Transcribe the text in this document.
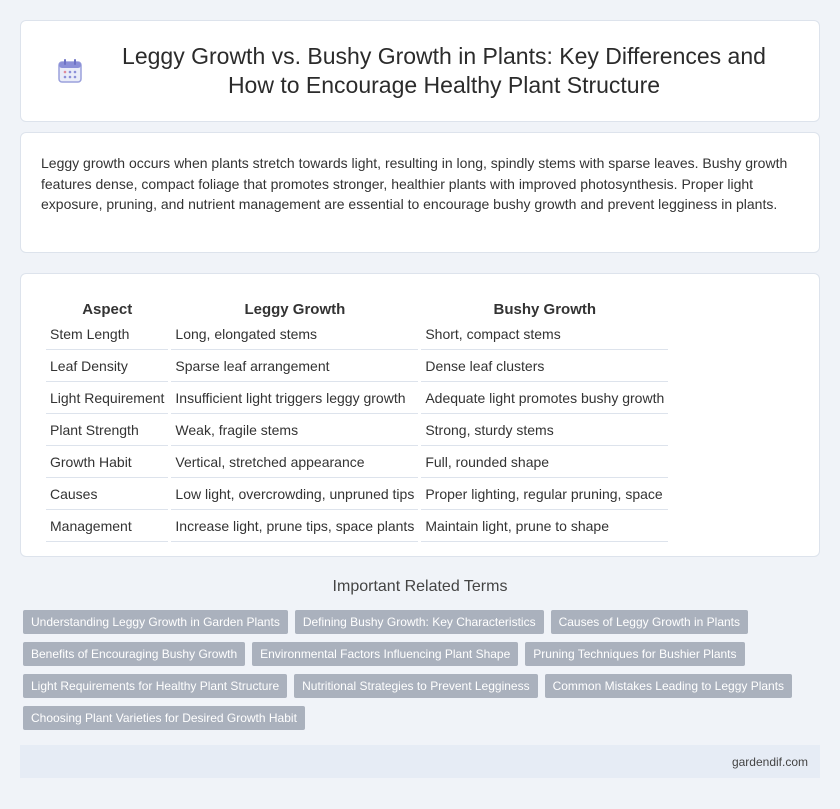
Leggy Growth vs. Bushy Growth in Plants: Key Differences and How to Encourage Healthy Plant Structure

Leggy growth occurs when plants stretch towards light, resulting in long, spindly stems with sparse leaves. Bushy growth features dense, compact foliage that promotes stronger, healthier plants with improved photosynthesis. Proper light exposure, pruning, and nutrient management are essential to encourage bushy growth and prevent legginess in plants.

Aspect	Leggy Growth	Bushy Growth
Stem Length	Long, elongated stems	Short, compact stems
Leaf Density	Sparse leaf arrangement	Dense leaf clusters
Light Requirement	Insufficient light triggers leggy growth	Adequate light promotes bushy growth
Plant Strength	Weak, fragile stems	Strong, sturdy stems
Growth Habit	Vertical, stretched appearance	Full, rounded shape
Causes	Low light, overcrowding, unpruned tips	Proper lighting, regular pruning, space
Management	Increase light, prune tips, space plants	Maintain light, prune to shape
Important Related Terms
Understanding Leggy Growth in Garden Plants	Defining Bushy Growth: Key Characteristics	Causes of Leggy Growth in Plants
Benefits of Encouraging Bushy Growth	Environmental Factors Influencing Plant Shape	Pruning Techniques for Bushier Plants
Light Requirements for Healthy Plant Structure	Nutritional Strategies to Prevent Legginess	Common Mistakes Leading to Leggy Plants
Choosing Plant Varieties for Desired Growth Habit
gardendif.com
